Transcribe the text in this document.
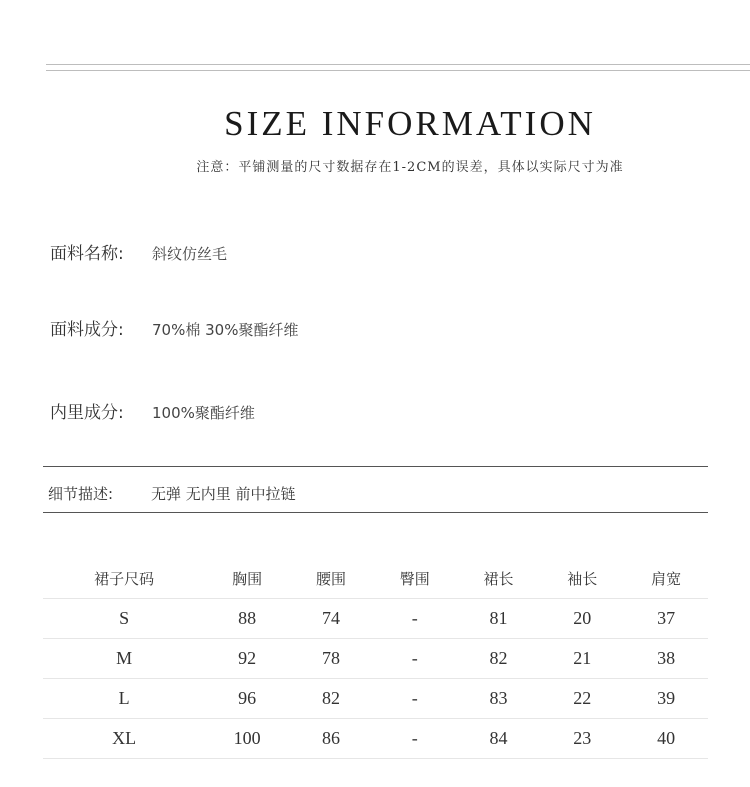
SIZE INFORMATION
注意：平铺测量的尺寸数据存在1-2CM的误差，具体以实际尺寸为准
面料名称: 斜纹仿丝毛
面料成分: 70%棉 30%聚酯纤维
内里成分: 100%聚酯纤维
细节描述:	无弹 无内里 前中拉链
裙子尺码	胸围	腰围	臀围	裙长	袖长	肩宽
S	88	74	-	81	20	37
M	92	78	-	82	21	38
L	96	82	-	83	22	39
XL	100	86	-	84	23	40
